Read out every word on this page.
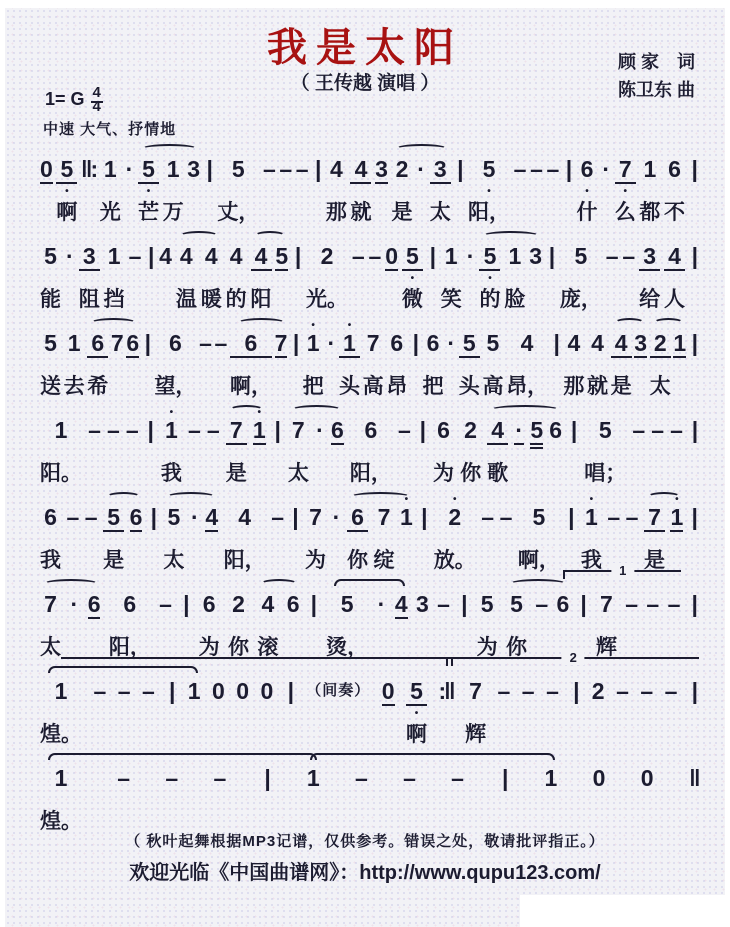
我是太阳
（ 王传越 演唱 ）
顾 家　词
陈卫东 曲
1= G 4
4
中速 大气、抒情地
0 5
•
啊
‖: 1
光
· 5
•
芒
1
万
3 | 5
丈，
– – – | 4
那
4
就
3 2
是
· 3
太
| 5
•
阳，
– – – | 6
•
什
· 7
•
么
1
都
6
不
|
5
能
· 3
阻
1
挡
– | 4 4
温
4
暖
4
的
4
阳
5 | 2
光。
– – 0 5
•
微
| 1
笑
· 5
•
的
1
脸
3 | 5
庞，
– – 3
给
4
人
|
5
送
1
去
6
希
7 6 | 6
望，
– – 6
啊，
7 |
•
1
把
·
•
1
头
7
高
6
昂
| 6
把
· 5
头
5
高
4
昂，
| 4
那
4
就
4
是
3 2
太
1 |
1
阳。
– – – |
•
1
我
– – 7
是
•
1 | 7
太
· 6 6
阳，
– | 6
为
2
你
4
歌
· 5 6 | 5
唱；
– – – |
6
我
– – 5
是
6 | 5
太
· 4 4
阳，
– | 7
为
· 6
你
7
绽
•
1 |
•
2
放。
– – 5
啊，
|
•
1
我
– – 7
是
•
1 |
7
太
· 6 6
阳，
– | 6
为
2
你
4
滚
6 | 5
烫，
· 4 3 – | 5
为
5
你
– 6 | 7
辉
– – – |
1
1
煌。
– – – | 1 0 0 0 | （间奏） 0 5
•
啊
:‖ 7
辉
– – – | 2 – – – |
2
1
煌。
– – – | 1 – – – | 1 0 0 ‖
（ 秋叶起舞根据MP3记谱，仅供参考。错误之处，敬请批评指正。）
欢迎光临《中国曲谱网》：http://www.qupu123.com/
